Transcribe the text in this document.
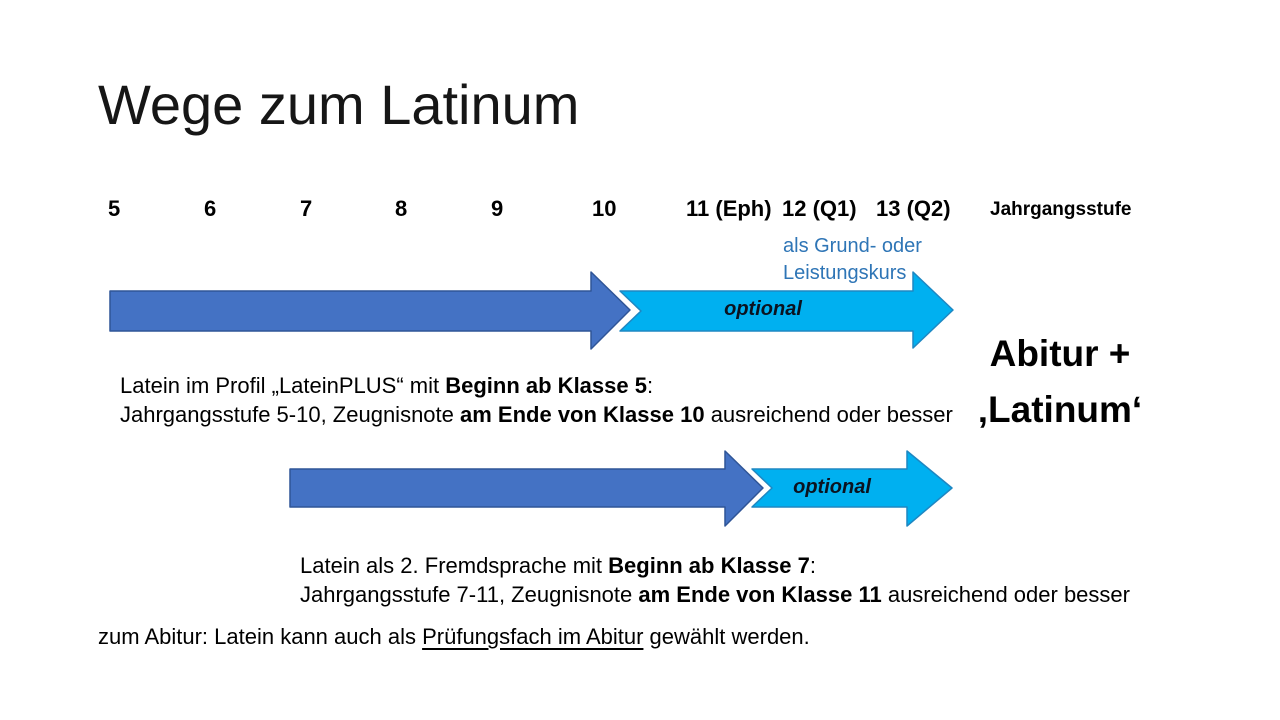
Wege zum Latinum
5	6	7	8	9	10	11 (Eph) 12 (Q1) 13 (Q2) Jahrgangsstufe
als Grund- oder
Leistungskurs
optional
optional
Latein im Profil „LateinPLUS“ mit Beginn ab Klasse 5:
Jahrgangsstufe 5-10, Zeugnisnote am Ende von Klasse 10 ausreichend oder besser
Abitur +
‚Latinum‘
Latein als 2. Fremdsprache mit Beginn ab Klasse 7:
Jahrgangsstufe 7-11, Zeugnisnote am Ende von Klasse 11 ausreichend oder besser
zum Abitur: Latein kann auch als Prüfungsfach im Abitur gewählt werden.
